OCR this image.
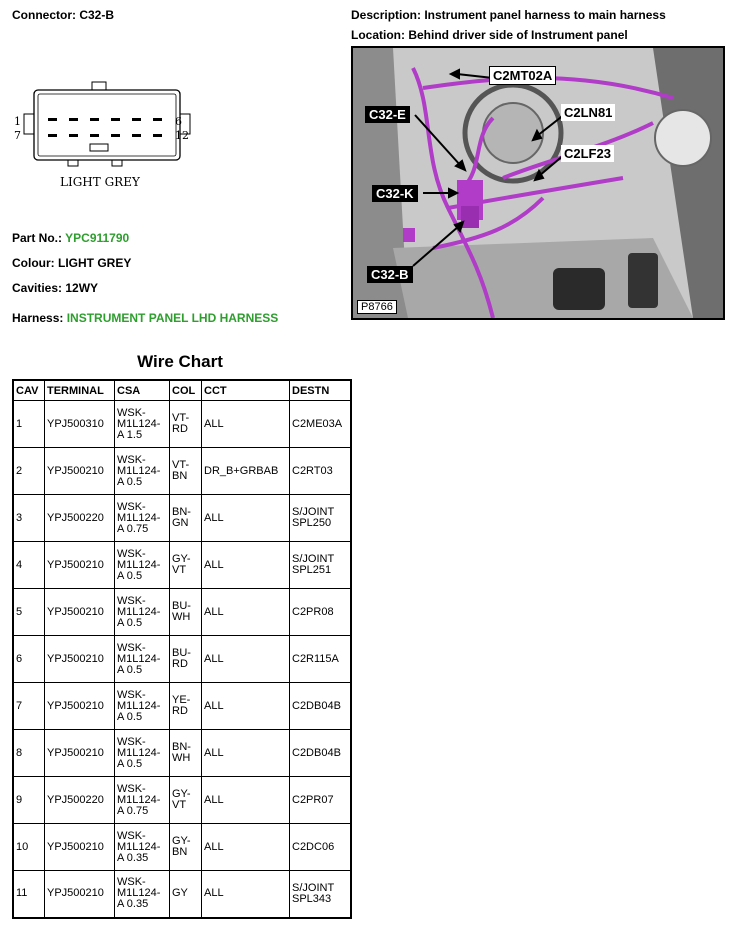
Connector: C32-B	Description: Instrument panel harness to main harness
Location: Behind driver side of Instrument panel
1
7
6
12
LIGHT GREY
C2MT02A
C32-E	C2LN81
C2LF23
C32-K
C32-B
P8766
Part No.: YPC911790
Colour: LIGHT GREY
Cavities: 12WY
Harness: INSTRUMENT PANEL LHD HARNESS
Wire Chart
CAV	TERMINAL	CSA	COL	CCT	DESTN
1	YPJ500310	WSK-M1L124-A 1.5	VT-RD	ALL	C2ME03A
2	YPJ500210	WSK-M1L124-A 0.5	VT-BN	DR_B+GRBAB	C2RT03
3	YPJ500220	WSK-M1L124-A 0.75	BN-GN	ALL	S/JOINT SPL250
4	YPJ500210	WSK-M1L124-A 0.5	GY-VT	ALL	S/JOINT SPL251
5	YPJ500210	WSK-M1L124-A 0.5	BU-WH	ALL	C2PR08
6	YPJ500210	WSK-M1L124-A 0.5	BU-RD	ALL	C2R115A
7	YPJ500210	WSK-M1L124-A 0.5	YE-RD	ALL	C2DB04B
8	YPJ500210	WSK-M1L124-A 0.5	BN-WH	ALL	C2DB04B
9	YPJ500220	WSK-M1L124-A 0.75	GY-VT	ALL	C2PR07
10	YPJ500210	WSK-M1L124-A 0.35	GY-BN	ALL	C2DC06
11	YPJ500210	WSK-M1L124-A 0.35	GY	ALL	S/JOINT SPL343
